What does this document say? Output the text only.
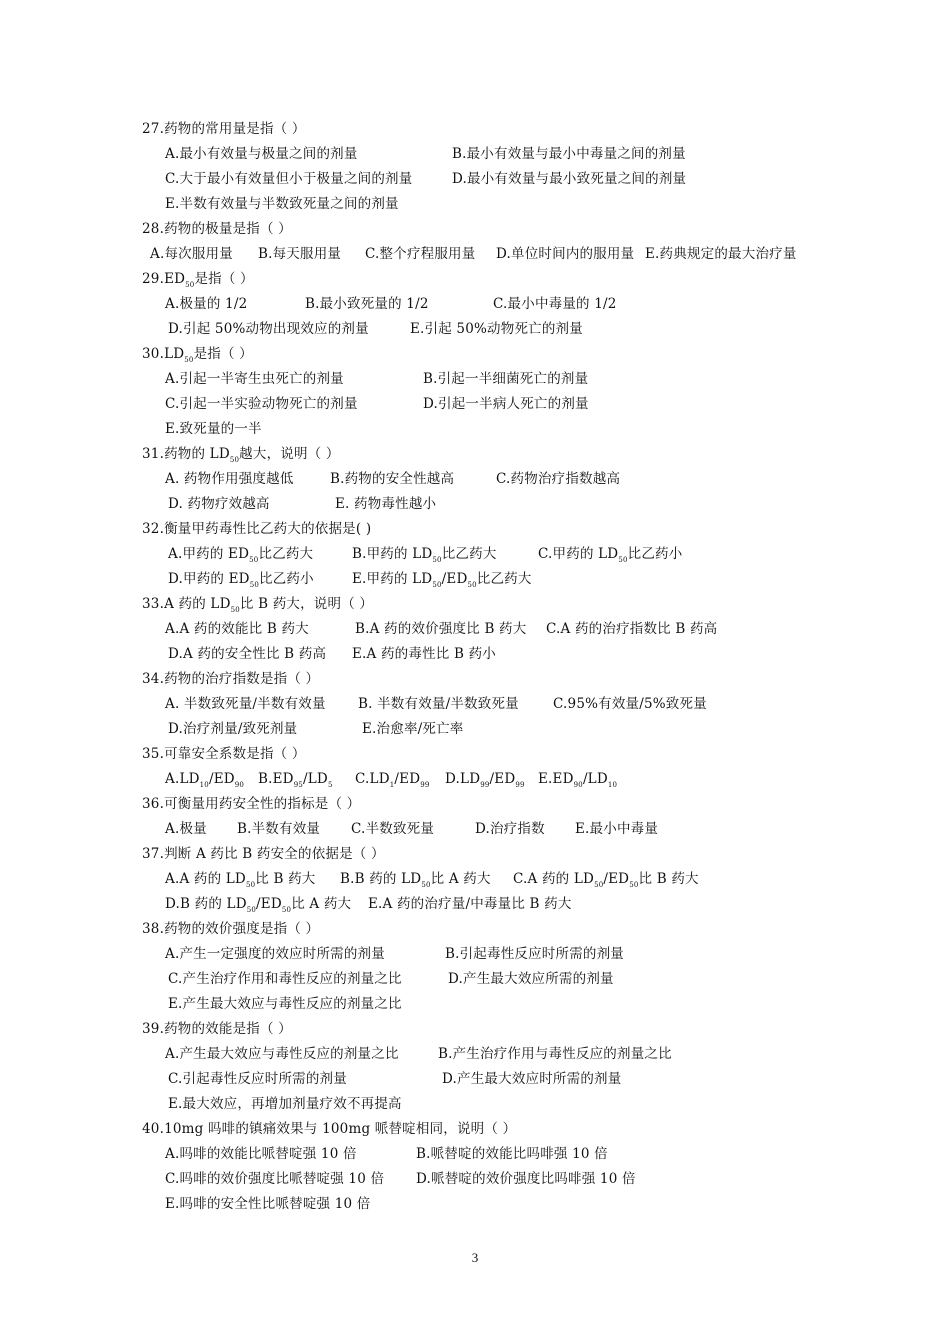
27.药物的常用量是指（ ）
A.最小有效量与极量之间的剂量	B.最小有效量与最小中毒量之间的剂量
C.大于最小有效量但小于极量之间的剂量	D.最小有效量与最小致死量之间的剂量
E.半数有效量与半数致死量之间的剂量
28.药物的极量是指（ ）
A.每次服用量 B.每天服用量 C.整个疗程服用量 D.单位时间内的服用量 E.药典规定的最大治疗量
$29.ED_{50}$是指（ ）
A.极量的 1/2	B.最小致死量的 1/2	C.最小中毒量的 1/2
D.引起 50%动物出现效应的剂量	E.引起 50%动物死亡的剂量
$30.LD_{50}$是指（ ）
A.引起一半寄生虫死亡的剂量	B.引起一半细菌死亡的剂量
C.引起一半实验动物死亡的剂量	D.引起一半病人死亡的剂量
E.致死量的一半
31.药物的 $LD_{50}$越大，说明（ ）
A. 药物作用强度越低	B.药物的安全性越高	C.药物治疗指数越高
D. 药物疗效越高	E. 药物毒性越小
32.衡量甲药毒性比乙药大的依据是( )
A.甲药的 $ED_{50}$比乙药大	B.甲药的 $LD_{50}$比乙药大	C.甲药的 $LD_{50}$比乙药小
D.甲药的 $ED_{50}$比乙药小	E.甲药的 $LD_{50}/ED_{50}$比乙药大
33.A 药的 $LD_{50}$比 B 药大，说明（ ）
A.A 药的效能比 B 药大	B.A 药的效价强度比 B 药大 C.A 药的治疗指数比 B 药高
D.A 药的安全性比 B 药高 E.A 药的毒性比 B 药小
34.药物的治疗指数是指（ ）
A. 半数致死量/半数有效量 B. 半数有效量/半数致死量	C.95%有效量/5%致死量
D.治疗剂量/致死剂量	E.治愈率/死亡率
35.可靠安全系数是指（ ）
$A.LD_{10}/ED_{90}$ $B.ED_{95}/LD_5$ $C.LD_1/ED_{99}$ $D.LD_{99}/ED_{99}$ $E.ED_{90}/LD_{10}$
36.可衡量用药安全性的指标是（ ）
A.极量 B.半数有效量 C.半数致死量	D.治疗指数 E.最小中毒量
37.判断 A 药比 B 药安全的依据是（ ）
A.A 药的 $LD_{50}$比 B 药大 B.B 药的 $LD_{50}$比 A 药大 C.A 药的 $LD_{50}/ED_{50}$比 B 药大
D.B 药的 $LD_{50}/ED_{50}$比 A 药大 E.A 药的治疗量/中毒量比 B 药大
38.药物的效价强度是指（ ）
A.产生一定强度的效应时所需的剂量	B.引起毒性反应时所需的剂量
C.产生治疗作用和毒性反应的剂量之比	D.产生最大效应所需的剂量
E.产生最大效应与毒性反应的剂量之比
39.药物的效能是指（ ）
A.产生最大效应与毒性反应的剂量之比	B.产生治疗作用与毒性反应的剂量之比
C.引起毒性反应时所需的剂量	D.产生最大效应时所需的剂量
E.最大效应，再增加剂量疗效不再提高
40.10mg 吗啡的镇痛效果与 100mg 哌替啶相同，说明（ ）
A.吗啡的效能比哌替啶强 10 倍	B.哌替啶的效能比吗啡强 10 倍
C.吗啡的效价强度比哌替啶强 10 倍 D.哌替啶的效价强度比吗啡强 10 倍
E.吗啡的安全性比哌替啶强 10 倍
3
